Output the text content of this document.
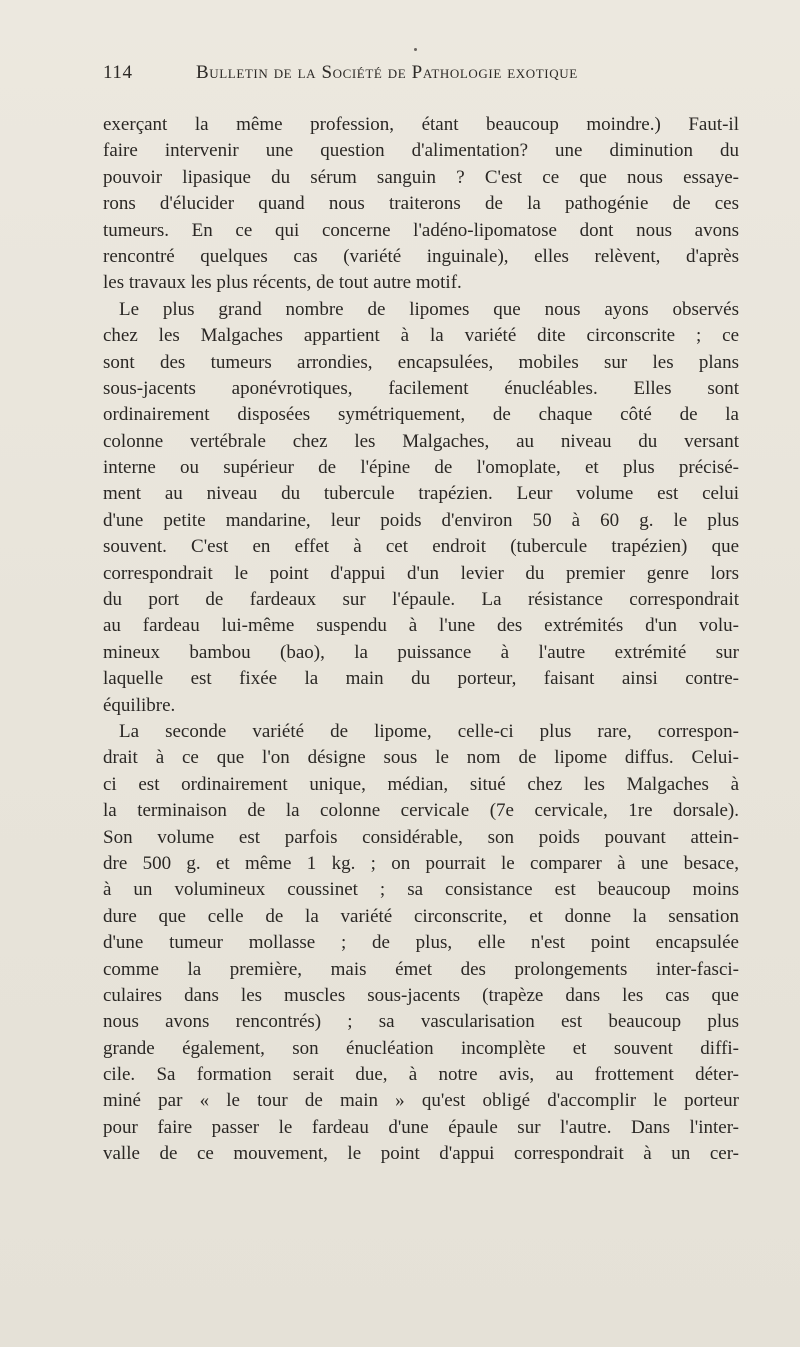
114	Bulletin de la Société de Pathologie exotique
exerçant la même profession, étant beaucoup moindre.) Faut-il
faire intervenir une question d'alimentation? une diminution du
pouvoir lipasique du sérum sanguin ? C'est ce que nous essaye-
rons d'élucider quand nous traiterons de la pathogénie de ces
tumeurs. En ce qui concerne l'adéno-lipomatose dont nous avons
rencontré quelques cas (variété inguinale), elles relèvent, d'après
les travaux les plus récents, de tout autre motif.
Le plus grand nombre de lipomes que nous ayons observés
chez les Malgaches appartient à la variété dite circonscrite ; ce
sont des tumeurs arrondies, encapsulées, mobiles sur les plans
sous-jacents aponévrotiques, facilement énucléables. Elles sont
ordinairement disposées symétriquement, de chaque côté de la
colonne vertébrale chez les Malgaches, au niveau du versant
interne ou supérieur de l'épine de l'omoplate, et plus précisé-
ment au niveau du tubercule trapézien. Leur volume est celui
d'une petite mandarine, leur poids d'environ 50 à 60 g. le plus
souvent. C'est en effet à cet endroit (tubercule trapézien) que
correspondrait le point d'appui d'un levier du premier genre lors
du port de fardeaux sur l'épaule. La résistance correspondrait
au fardeau lui-même suspendu à l'une des extrémités d'un volu-
mineux bambou (bao), la puissance à l'autre extrémité sur
laquelle est fixée la main du porteur, faisant ainsi contre-
équilibre.
La seconde variété de lipome, celle-ci plus rare, correspon-
drait à ce que l'on désigne sous le nom de lipome diffus. Celui-
ci est ordinairement unique, médian, situé chez les Malgaches à
la terminaison de la colonne cervicale (7e cervicale, 1re dorsale).
Son volume est parfois considérable, son poids pouvant attein-
dre 500 g. et même 1 kg. ; on pourrait le comparer à une besace,
à un volumineux coussinet ; sa consistance est beaucoup moins
dure que celle de la variété circonscrite, et donne la sensation
d'une tumeur mollasse ; de plus, elle n'est point encapsulée
comme la première, mais émet des prolongements inter-fasci-
culaires dans les muscles sous-jacents (trapèze dans les cas que
nous avons rencontrés) ; sa vascularisation est beaucoup plus
grande également, son énucléation incomplète et souvent diffi-
cile. Sa formation serait due, à notre avis, au frottement déter-
miné par « le tour de main » qu'est obligé d'accomplir le porteur
pour faire passer le fardeau d'une épaule sur l'autre. Dans l'inter-
valle de ce mouvement, le point d'appui correspondrait à un cer-
